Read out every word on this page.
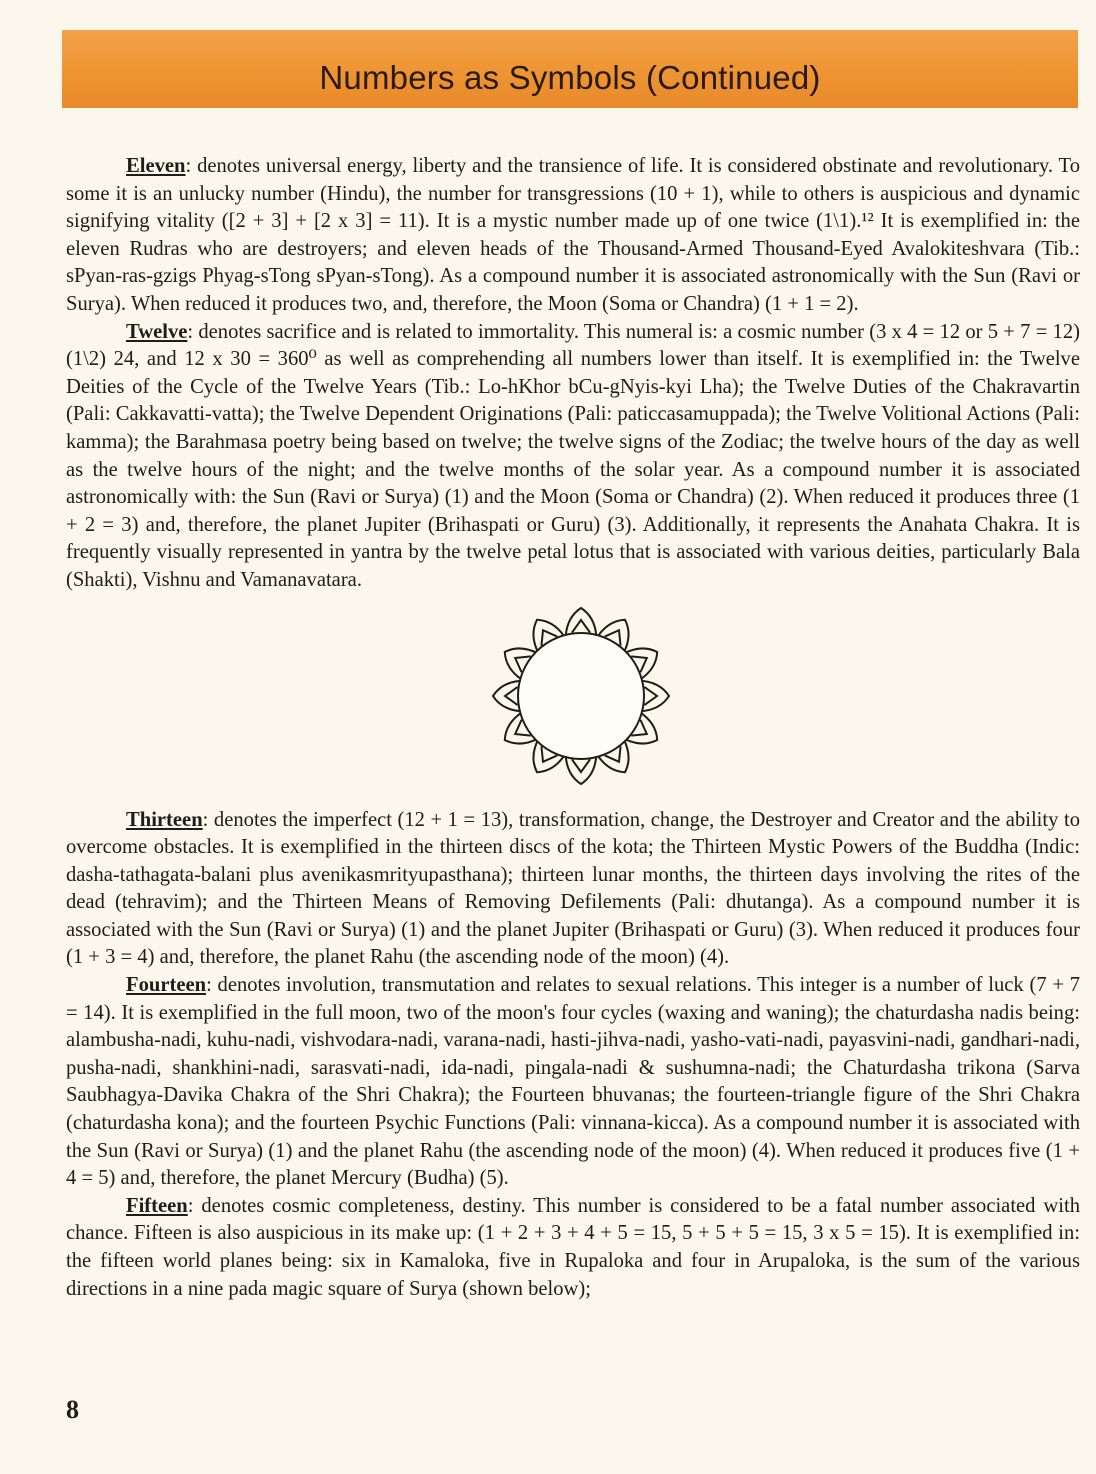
Numbers as Symbols (Continued)

Eleven: denotes universal energy, liberty and the transience of life. It is considered obstinate and revolutionary. To some it is an unlucky number (Hindu), the number for transgressions (10 + 1), while to others is auspicious and dynamic signifying vitality ([2 + 3] + [2 x 3] = 11). It is a mystic number made up of one twice (1\1).¹² It is exemplified in: the eleven Rudras who are destroyers; and eleven heads of the Thousand-Armed Thousand-Eyed Avalokiteshvara (Tib.: sPyan-ras-gzigs Phyag-sTong sPyan-sTong). As a compound number it is associated astronomically with the Sun (Ravi or Surya). When reduced it produces two, and, therefore, the Moon (Soma or Chandra) (1 + 1 = 2).

Twelve: denotes sacrifice and is related to immortality. This numeral is: a cosmic number (3 x 4 = 12 or 5 + 7 = 12) (1\2) 24, and 12 x 30 = 360⁰ as well as comprehending all numbers lower than itself. It is exemplified in: the Twelve Deities of the Cycle of the Twelve Years (Tib.: Lo-hKhor bCu-gNyis-kyi Lha); the Twelve Duties of the Chakravartin (Pali: Cakkavatti-vatta); the Twelve Dependent Originations (Pali: paticcasamuppada); the Twelve Volitional Actions (Pali: kamma); the Barahmasa poetry being based on twelve; the twelve signs of the Zodiac; the twelve hours of the day as well as the twelve hours of the night; and the twelve months of the solar year. As a compound number it is associated astronomically with: the Sun (Ravi or Surya) (1) and the Moon (Soma or Chandra) (2). When reduced it produces three (1 + 2 = 3) and, therefore, the planet Jupiter (Brihaspati or Guru) (3). Additionally, it represents the Anahata Chakra. It is frequently visually represented in yantra by the twelve petal lotus that is associated with various deities, particularly Bala (Shakti), Vishnu and Vamanavatara.

Thirteen: denotes the imperfect (12 + 1 = 13), transformation, change, the Destroyer and Creator and the ability to overcome obstacles. It is exemplified in the thirteen discs of the kota; the Thirteen Mystic Powers of the Buddha (Indic: dasha-tathagata-balani plus avenikasmrityupasthana); thirteen lunar months, the thirteen days involving the rites of the dead (tehravim); and the Thirteen Means of Removing Defilements (Pali: dhutanga). As a compound number it is associated with the Sun (Ravi or Surya) (1) and the planet Jupiter (Brihaspati or Guru) (3). When reduced it produces four (1 + 3 = 4) and, therefore, the planet Rahu (the ascending node of the moon) (4).

Fourteen: denotes involution, transmutation and relates to sexual relations. This integer is a number of luck (7 + 7 = 14). It is exemplified in the full moon, two of the moon's four cycles (waxing and waning); the chaturdasha nadis being: alambusha-nadi, kuhu-nadi, vishvodara-nadi, varana-nadi, hasti-jihva-nadi, yasho-vati-nadi, payasvini-nadi, gandhari-nadi, pusha-nadi, shankhini-nadi, sarasvati-nadi, ida-nadi, pingala-nadi & sushumna-nadi; the Chaturdasha trikona (Sarva Saubhagya-Davika Chakra of the Shri Chakra); the Fourteen bhuvanas; the fourteen-triangle figure of the Shri Chakra (chaturdasha kona); and the fourteen Psychic Functions (Pali: vinnana-kicca). As a compound number it is associated with the Sun (Ravi or Surya) (1) and the planet Rahu (the ascending node of the moon) (4). When reduced it produces five (1 + 4 = 5) and, therefore, the planet Mercury (Budha) (5).

Fifteen: denotes cosmic completeness, destiny. This number is considered to be a fatal number associated with chance. Fifteen is also auspicious in its make up: (1 + 2 + 3 + 4 + 5 = 15, 5 + 5 + 5 = 15, 3 x 5 = 15). It is exemplified in: the fifteen world planes being: six in Kamaloka, five in Rupaloka and four in Arupaloka, is the sum of the various directions in a nine pada magic square of Surya (shown below);

8
